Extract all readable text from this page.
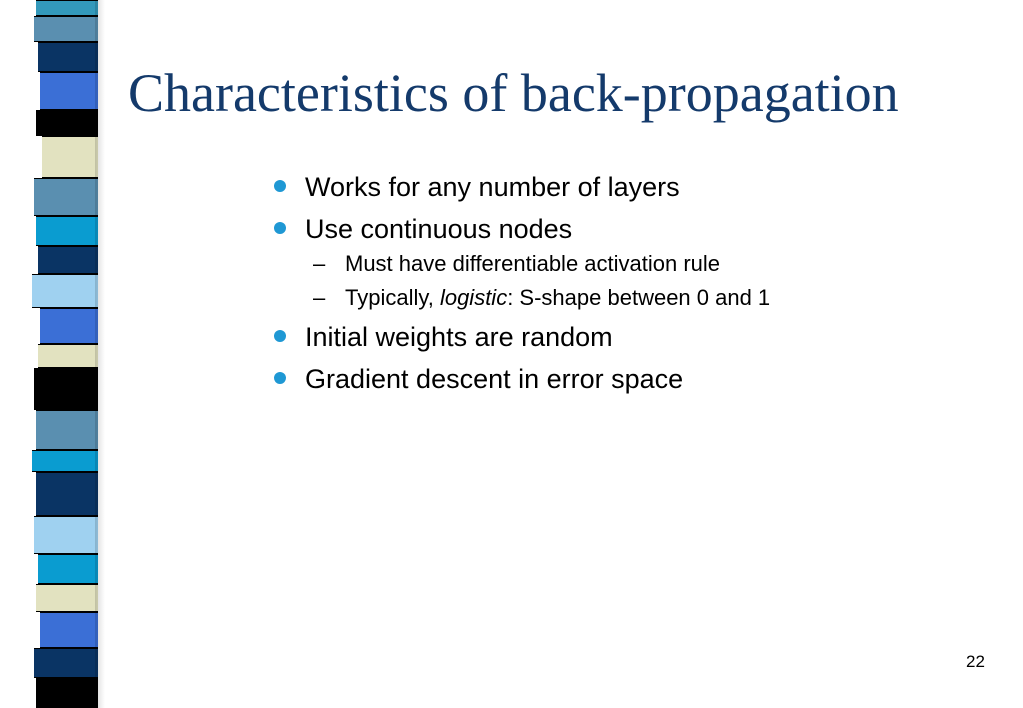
Characteristics of back-propagation
Works for any number of layers
Use continuous nodes
– Must have differentiable activation rule
– Typically, logistic: S-shape between 0 and 1
Initial weights are random
Gradient descent in error space
22
